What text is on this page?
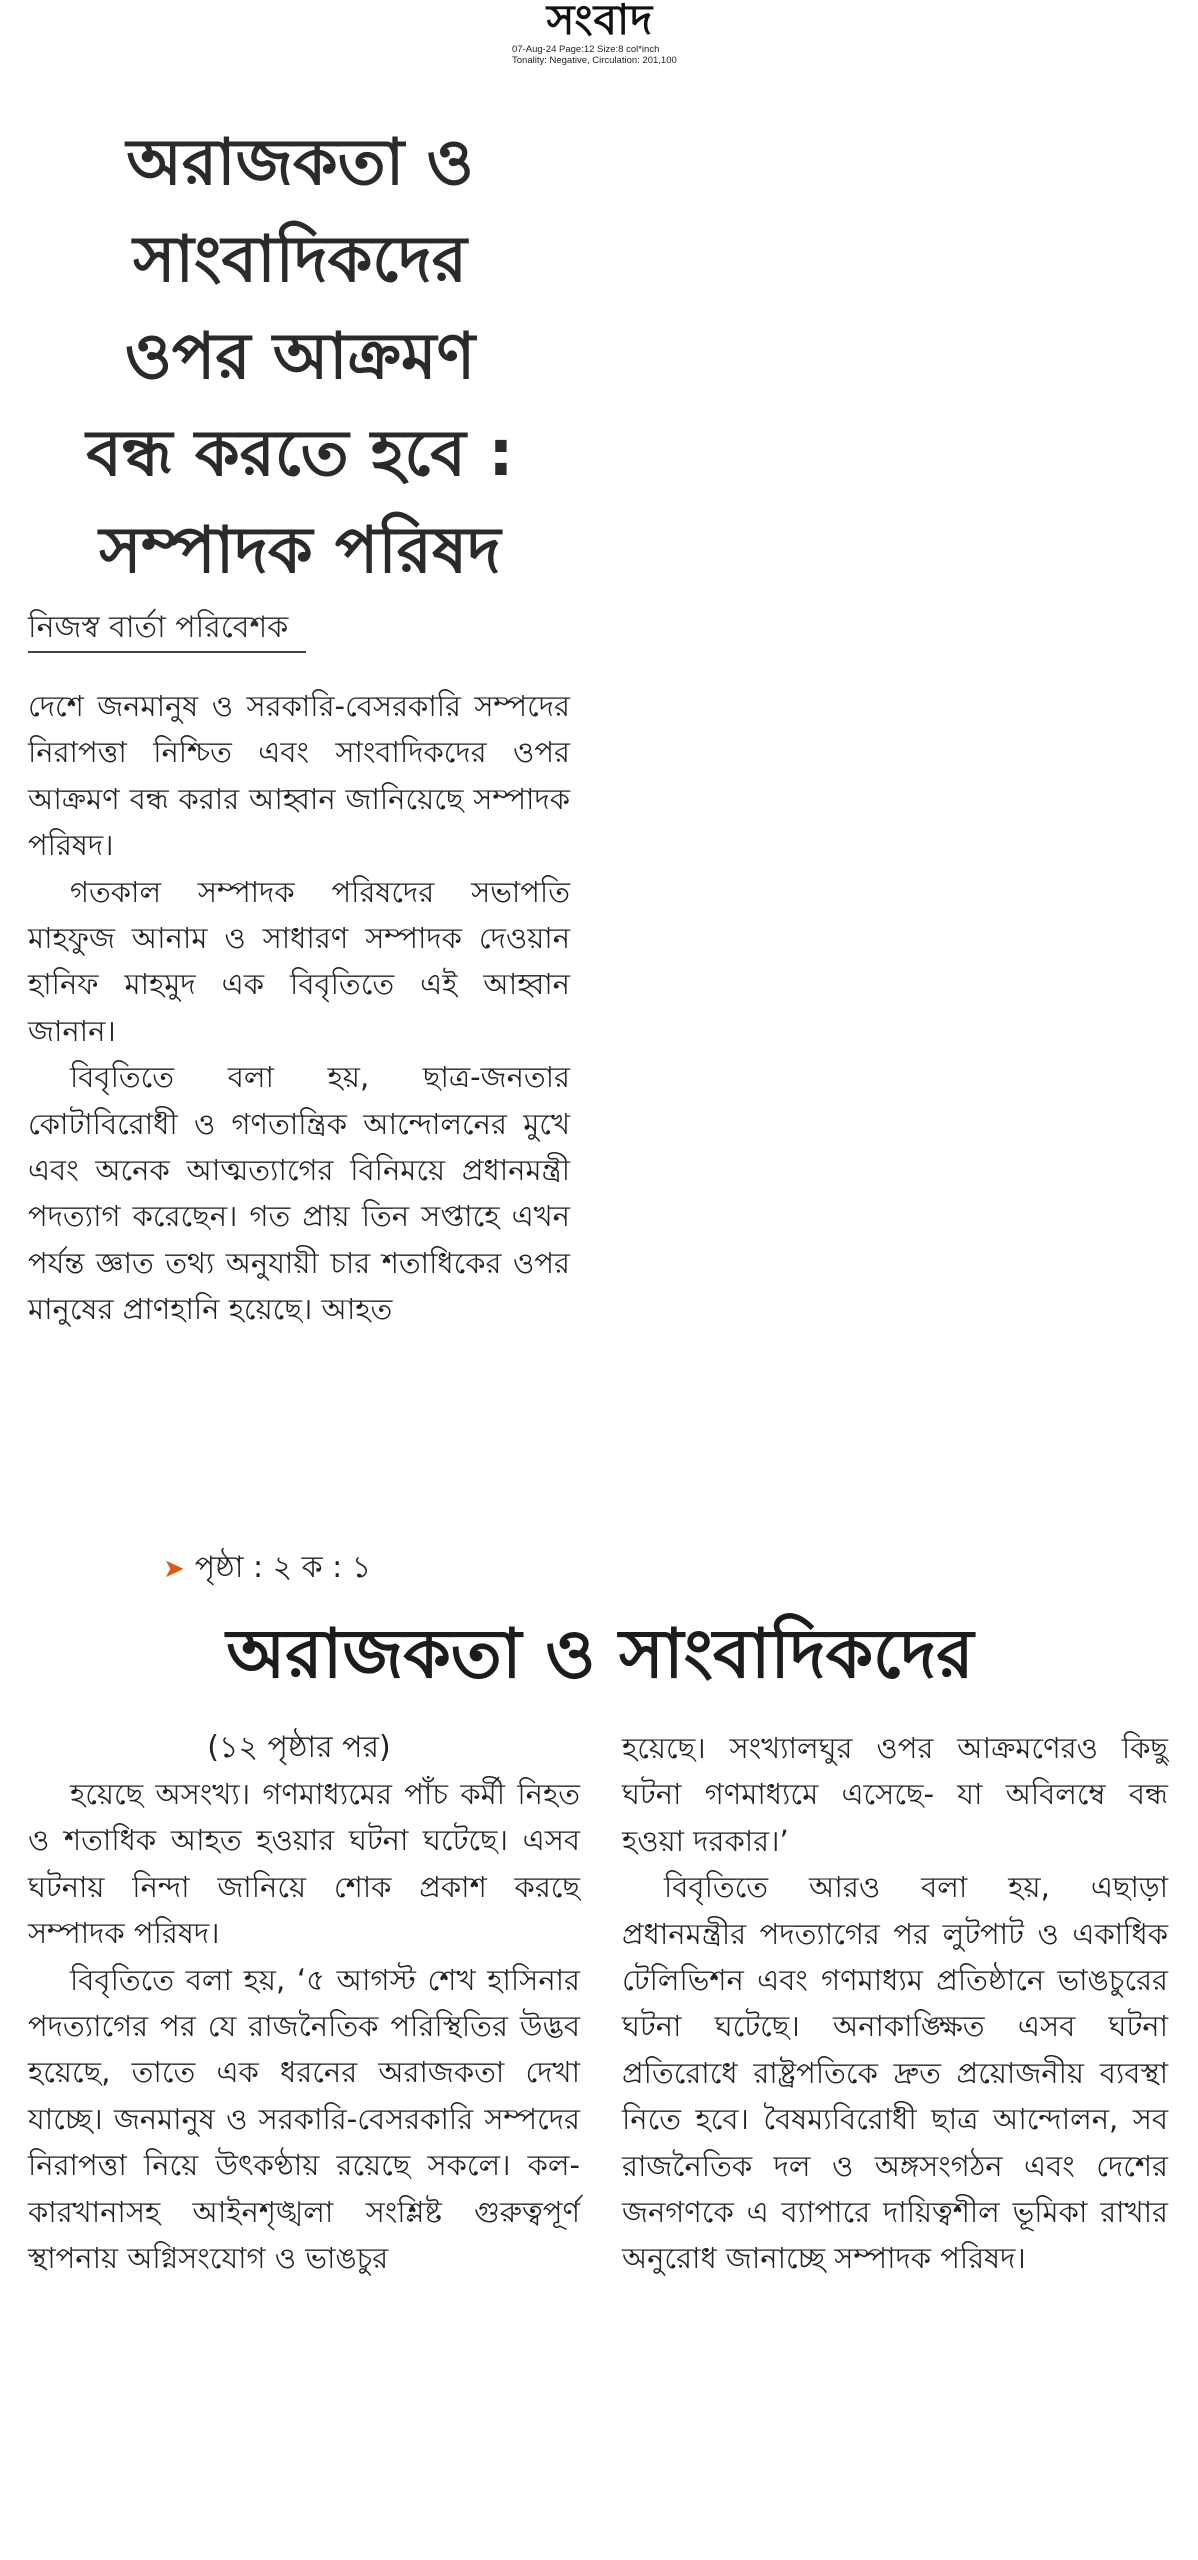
সংবাদ
07-Aug-24 Page:12 Size:8 col*inch
Tonality: Negative, Circulation: 201,100
অরাজকতা ও
সাংবাদিকদের
ওপর আক্রমণ
বন্ধ করতে হবে :
সম্পাদক পরিষদ
নিজস্ব বার্তা পরিবেশক

দেশে জনমানুষ ও সরকারি-বেসরকারি সম্পদের নিরাপত্তা নিশ্চিত এবং সাংবাদিকদের ওপর আক্রমণ বন্ধ করার আহ্বান জানিয়েছে সম্পাদক পরিষদ।

গতকাল সম্পাদক পরিষদের সভাপতি মাহফুজ আনাম ও সাধারণ সম্পাদক দেওয়ান হানিফ মাহমুদ এক বিবৃতিতে এই আহ্বান জানান।

বিবৃতিতে বলা হয়, ছাত্র-জনতার কোটাবিরোধী ও গণতান্ত্রিক আন্দোলনের মুখে এবং অনেক আত্মত্যাগের বিনিময়ে প্রধানমন্ত্রী পদত্যাগ করেছেন। গত প্রায় তিন সপ্তাহে এখন পর্যন্ত জ্ঞাত তথ্য অনুযায়ী চার শতাধিকের ওপর মানুষের প্রাণহানি হয়েছে। আহত

➤ পৃষ্ঠা : ২ ক : ১
অরাজকতা ও সাংবাদিকদের
(১২ পৃষ্ঠার পর)

হয়েছে অসংখ্য। গণমাধ্যমের পাঁচ কর্মী নিহত ও শতাধিক আহত হওয়ার ঘটনা ঘটেছে। এসব ঘটনায় নিন্দা জানিয়ে শোক প্রকাশ করছে সম্পাদক পরিষদ।

বিবৃতিতে বলা হয়, ‘৫ আগস্ট শেখ হাসিনার পদত্যাগের পর যে রাজনৈতিক পরিস্থিতির উদ্ভব হয়েছে, তাতে এক ধরনের অরাজকতা দেখা যাচ্ছে। জনমানুষ ও সরকারি-বেসরকারি সম্পদের নিরাপত্তা নিয়ে উৎকণ্ঠায় রয়েছে সকলে। কল-কারখানাসহ আইনশৃঙ্খলা সংশ্লিষ্ট গুরুত্বপূর্ণ স্থাপনায় অগ্নিসংযোগ ও ভাঙচুর

হয়েছে। সংখ্যালঘুর ওপর আক্রমণেরও কিছু ঘটনা গণমাধ্যমে এসেছে- যা অবিলম্বে বন্ধ হওয়া দরকার।’

বিবৃতিতে আরও বলা হয়, এছাড়া প্রধানমন্ত্রীর পদত্যাগের পর লুটপাট ও একাধিক টেলিভিশন এবং গণমাধ্যম প্রতিষ্ঠানে ভাঙচুরের ঘটনা ঘটেছে। অনাকাঙ্ক্ষিত এসব ঘটনা প্রতিরোধে রাষ্ট্রপতিকে দ্রুত প্রয়োজনীয় ব্যবস্থা নিতে হবে। বৈষম্যবিরোধী ছাত্র আন্দোলন, সব রাজনৈতিক দল ও অঙ্গসংগঠন এবং দেশের জনগণকে এ ব্যাপারে দায়িত্বশীল ভূমিকা রাখার অনুরোধ জানাচ্ছে সম্পাদক পরিষদ।
